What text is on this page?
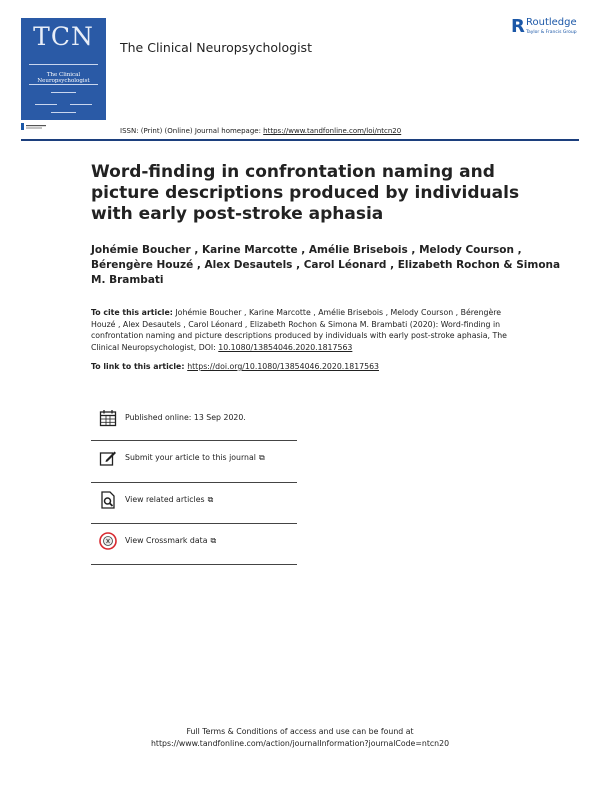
TCN
The Clinical Neuropsychologist
The Clinical Neuropsychologist
R Routledge
Taylor & Francis Group
ISSN: (Print) (Online) Journal homepage: https://www.tandfonline.com/loi/ntcn20
Word-finding in confrontation naming and picture descriptions produced by individuals with early post-stroke aphasia
Johémie Boucher , Karine Marcotte , Amélie Brisebois , Melody Courson , Bérengère Houzé , Alex Desautels , Carol Léonard , Elizabeth Rochon & Simona M. Brambati
To cite this article: Johémie Boucher , Karine Marcotte , Amélie Brisebois , Melody Courson , Bérengère Houzé , Alex Desautels , Carol Léonard , Elizabeth Rochon & Simona M. Brambati (2020): Word-finding in confrontation naming and picture descriptions produced by individuals with early post-stroke aphasia, The Clinical Neuropsychologist, DOI: 10.1080/13854046.2020.1817563
To link to this article: https://doi.org/10.1080/13854046.2020.1817563
Published online: 13 Sep 2020.
Submit your article to this journal ⧉
View related articles ⧉
View Crossmark data ⧉
Full Terms & Conditions of access and use can be found at
https://www.tandfonline.com/action/journalInformation?journalCode=ntcn20
